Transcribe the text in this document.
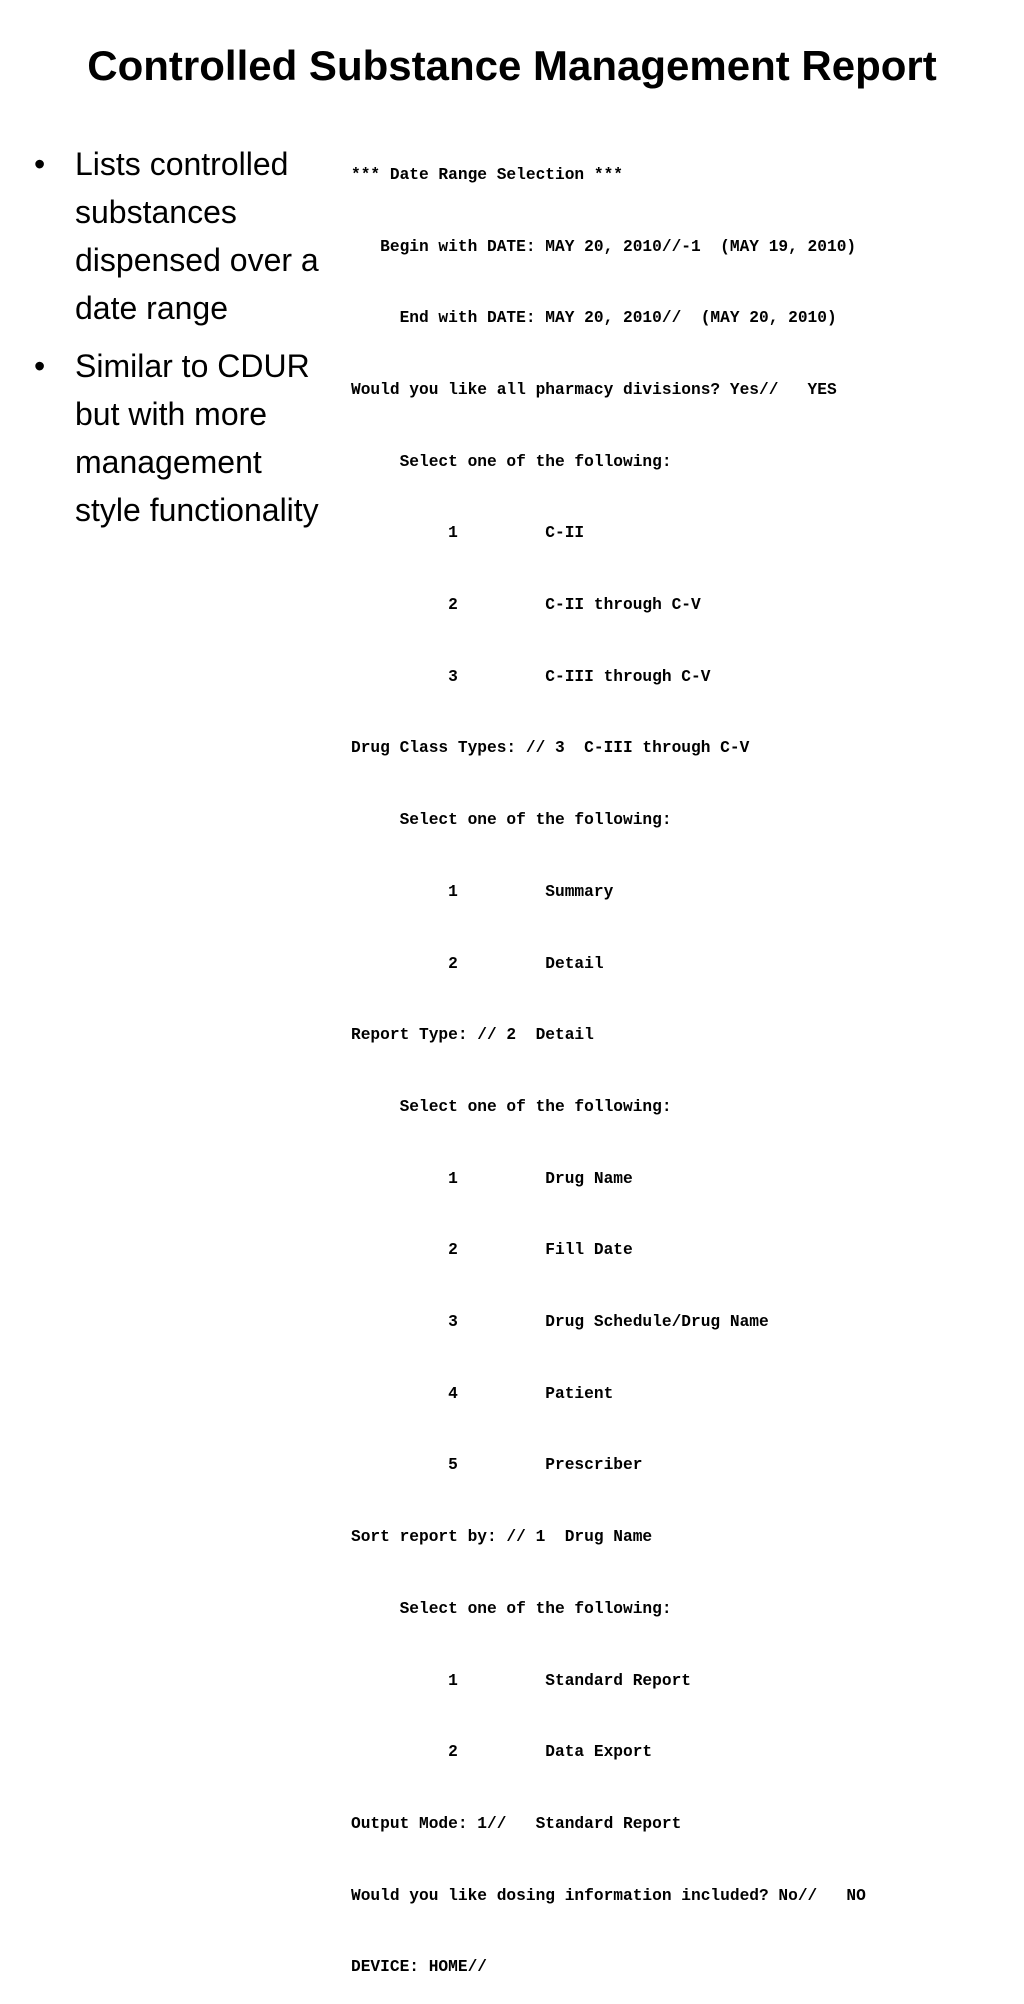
Controlled Substance Management Report
• Lists controlled substances dispensed over a date range
• Similar to CDUR but with more management style functionality

*** Date Range Selection ***

Begin with DATE: MAY 20, 2010//-1  (MAY 19, 2010)

End with DATE: MAY 20, 2010//  (MAY 20, 2010)

Would you like all pharmacy divisions? Yes//   YES

Select one of the following:

1         C-II

2         C-II through C-V

3         C-III through C-V

Drug Class Types: // 3  C-III through C-V

Select one of the following:

1         Summary

2         Detail

Report Type: // 2  Detail

Select one of the following:

1         Drug Name

2         Fill Date

3         Drug Schedule/Drug Name

4         Patient

5         Prescriber

Sort report by: // 1  Drug Name

Select one of the following:

1         Standard Report

2         Data Export

Output Mode: 1//   Standard Report

Would you like dosing information included? No//   NO

DEVICE: HOME//
